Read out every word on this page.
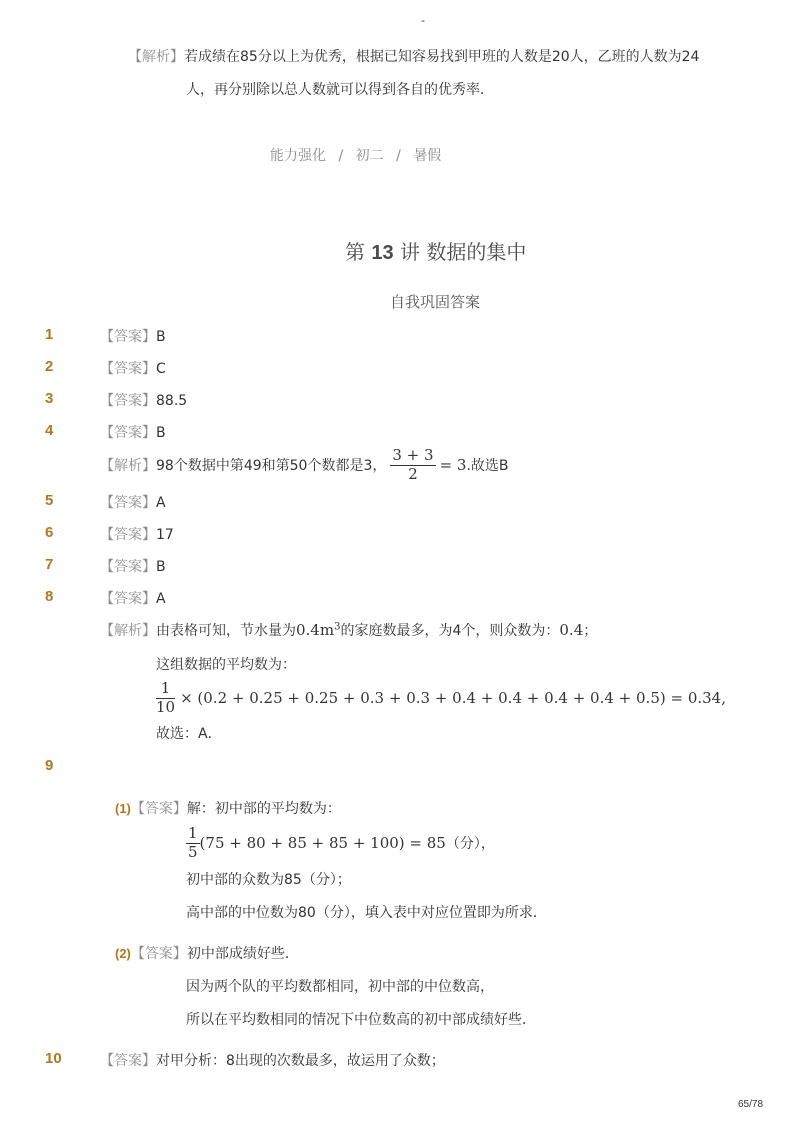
-
【解析】若成绩在85分以上为优秀，根据已知容易找到甲班的人数是20人，乙班的人数为24
人，再分别除以总人数就可以得到各自的优秀率．
能力强化 / 初二 / 暑假
第 13 讲 数据的集中
自我巩固答案
1	【答案】B
2	【答案】C
3	【答案】88.5
4	【答案】B
【解析】 98个数据中第49和第50个数都是3， $\frac{3 + 3}{2} = 3$ .故选B
5	【答案】A
6	【答案】17
7	【答案】B
8	【答案】A
【解析】由表格可知，节水量为$0.4m^3$的家庭数最多，为4个，则众数为：0.4；
这组数据的平均数为：
$\frac{1}{10} \times (0.2 + 0.25 + 0.25 + 0.3 + 0.3 + 0.4 + 0.4 + 0.4 + 0.4 + 0.5) = 0.34$,
故选：A．
9
(1)【答案】解：初中部的平均数为：
$\frac{1}{5} (75 + 80 + 85 + 85 + 100) = 85$ （分），
初中部的众数为85（分）；
高中部的中位数为80（分），填入表中对应位置即为所求．
(2)【答案】初中部成绩好些．
因为两个队的平均数都相同，初中部的中位数高，
所以在平均数相同的情况下中位数高的初中部成绩好些．
10	【答案】对甲分析：8出现的次数最多，故运用了众数；
65/78
